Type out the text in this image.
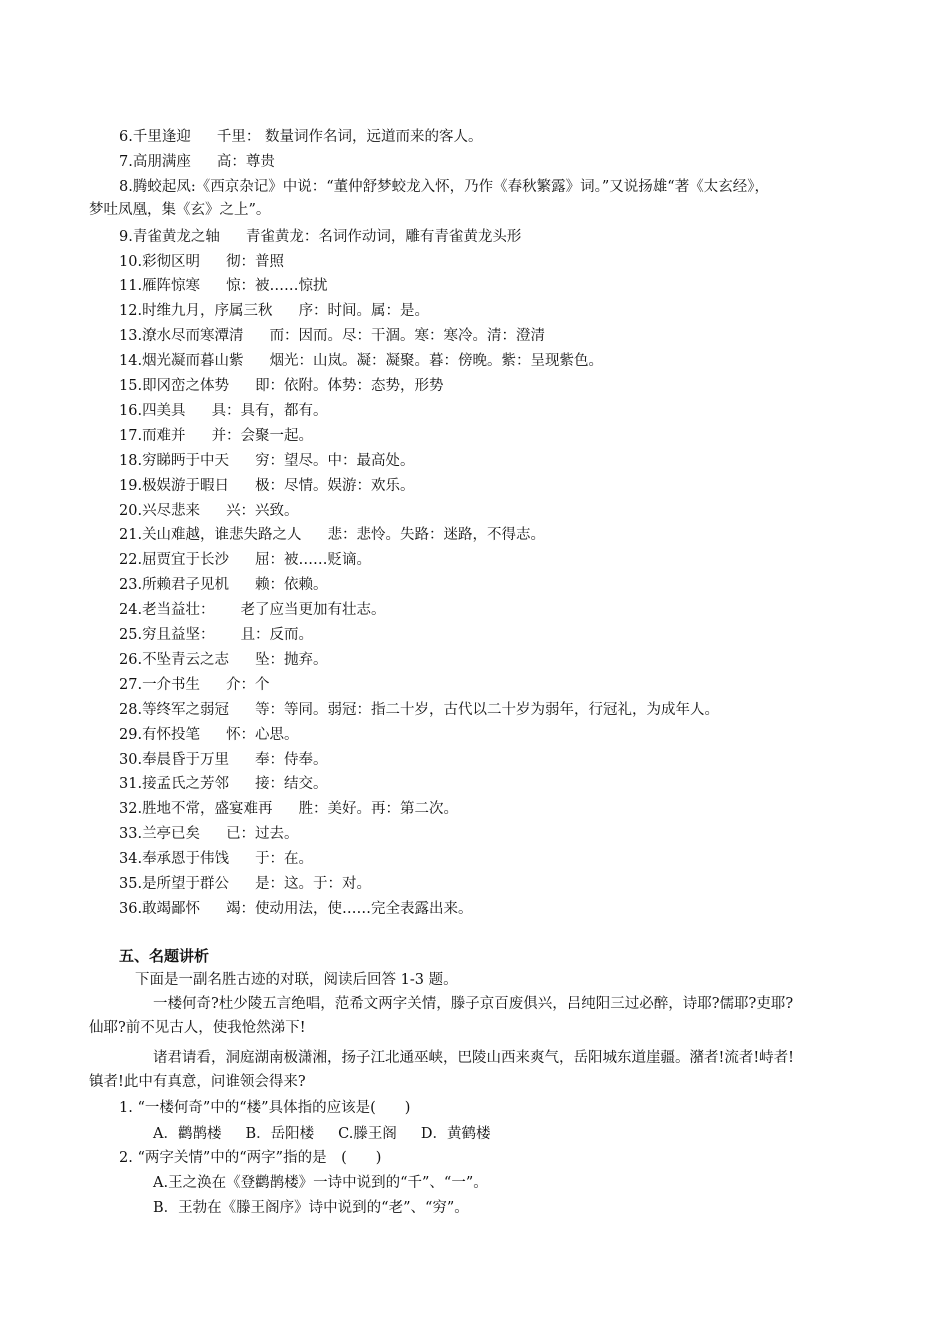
6.千里逢迎 千里： 数量词作名词，远道而来的客人。
7.高朋满座 高：尊贵
8.腾蛟起凤:《西京杂记》中说：“董仲舒梦蛟龙入怀，乃作《春秋繁露》词。”又说扬雄“著《太玄经》，
梦吐凤凰，集《玄》之上”。
9.青雀黄龙之轴 青雀黄龙：名词作动词，雕有青雀黄龙头形
10.彩彻区明 彻：普照
11.雁阵惊寒 惊：被……惊扰
12.时维九月，序属三秋 序：时间。属：是。
13.潦水尽而寒潭清 而：因而。尽：干涸。寒：寒冷。清：澄清
14.烟光凝而暮山紫 烟光：山岚。凝：凝聚。暮：傍晚。紫：呈现紫色。
15.即冈峦之体势 即：依附。体势：态势，形势
16.四美具 具：具有，都有。
17.而难并 并：会聚一起。
18.穷睇眄于中天 穷：望尽。中：最高处。
19.极娱游于暇日 极：尽情。娱游：欢乐。
20.兴尽悲来 兴：兴致。
21.关山难越，谁悲失路之人 悲：悲怜。失路：迷路，不得志。
22.屈贾宜于长沙 屈：被……贬谪。
23.所赖君子见机 赖：依赖。
24.老当益壮： 老了应当更加有壮志。
25.穷且益坚： 且：反而。
26.不坠青云之志 坠：抛弃。
27.一介书生 介：个
28.等终军之弱冠 等：等同。弱冠：指二十岁，古代以二十岁为弱年，行冠礼，为成年人。
29.有怀投笔 怀：心思。
30.奉晨昏于万里 奉：侍奉。
31.接孟氏之芳邻 接：结交。
32.胜地不常，盛宴难再 胜：美好。再：第二次。
33.兰亭已矣 已：过去。
34.奉承恩于伟饯 于：在。
35.是所望于群公 是：这。于：对。
36.敢竭鄙怀 竭：使动用法，使……完全表露出来。
五、名题讲析
下面是一副名胜古迹的对联，阅读后回答 1-3 题。
一楼何奇?杜少陵五言绝唱，范希文两字关情，滕子京百废俱兴，吕纯阳三过必醉，诗耶?儒耶?吏耶?
仙耶?前不见古人，使我怆然涕下!
诸君请看，洞庭湖南极潇湘，扬子江北通巫峡，巴陵山西来爽气，岳阳城东道崖疆。潴者!流者!峙者!
镇者!此中有真意，问谁领会得来?
1. “一楼何奇”中的“楼”具体指的应该是(　　)
A．鹳鹊楼 B．岳阳楼 C.滕王阁 D．黄鹤楼
2. “两字关情”中的“两字”指的是　(　　)
A.王之涣在《登鹳鹊楼》一诗中说到的“千”、“一”。
B．王勃在《滕王阁序》诗中说到的“老”、“穷”。
